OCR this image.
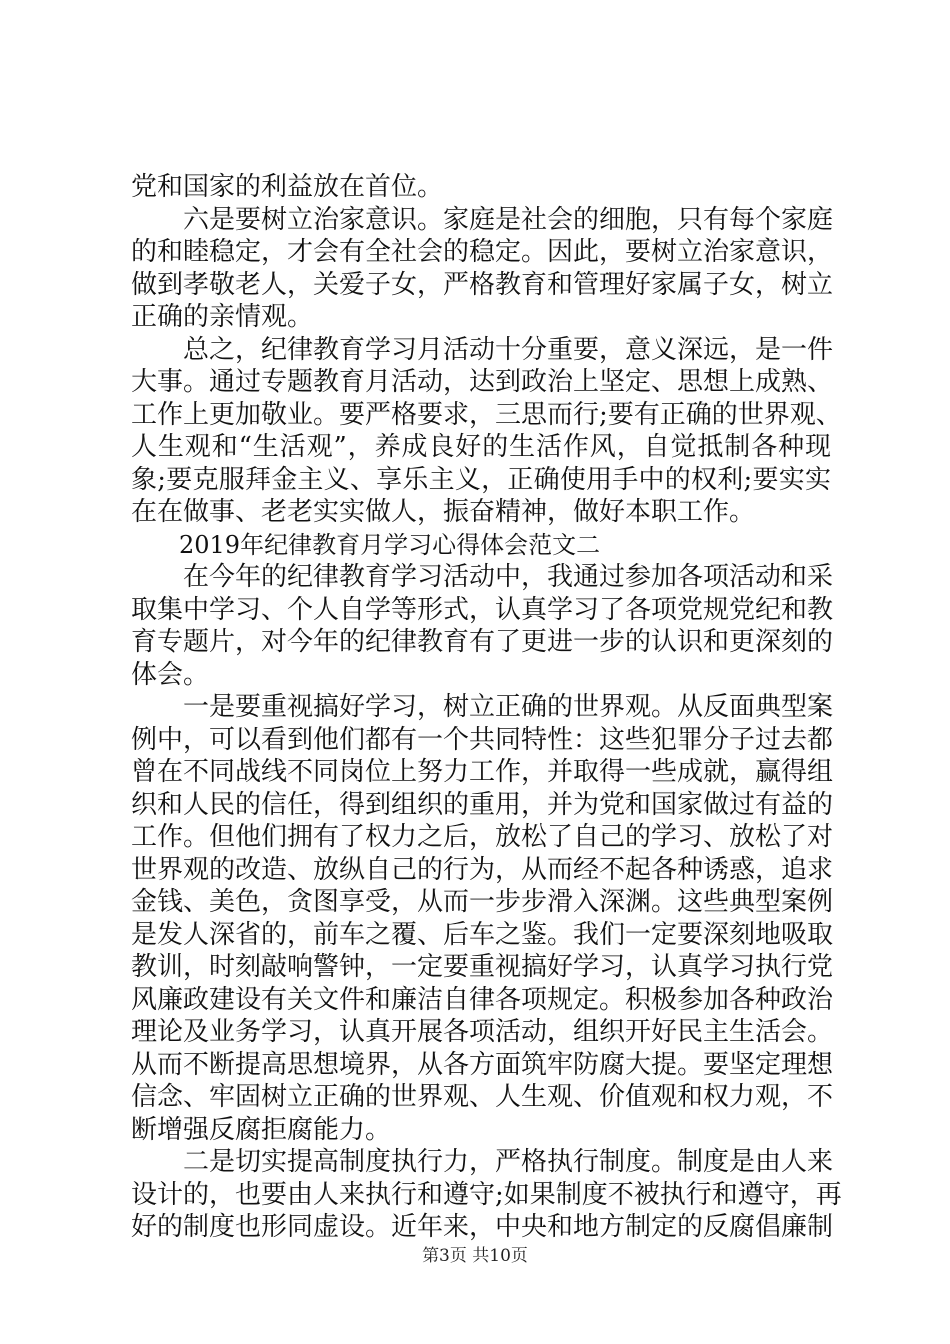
党和国家的利益放在首位。
六是要树立治家意识。家庭是社会的细胞，只有每个家庭
的和睦稳定，才会有全社会的稳定。因此，要树立治家意识，
做到孝敬老人，关爱子女，严格教育和管理好家属子女，树立
正确的亲情观。
总之，纪律教育学习月活动十分重要，意义深远，是一件
大事。通过专题教育月活动，达到政治上坚定、思想上成熟、
工作上更加敬业。要严格要求，三思而行;要有正确的世界观、
人生观和“生活观”，养成良好的生活作风，自觉抵制各种现
象;要克服拜金主义、享乐主义，正确使用手中的权利;要实实
在在做事、老老实实做人，振奋精神，做好本职工作。
2019年纪律教育月学习心得体会范文二
在今年的纪律教育学习活动中，我通过参加各项活动和采
取集中学习、个人自学等形式，认真学习了各项党规党纪和教
育专题片，对今年的纪律教育有了更进一步的认识和更深刻的
体会。
一是要重视搞好学习，树立正确的世界观。从反面典型案
例中，可以看到他们都有一个共同特性：这些犯罪分子过去都
曾在不同战线不同岗位上努力工作，并取得一些成就，赢得组
织和人民的信任，得到组织的重用，并为党和国家做过有益的
工作。但他们拥有了权力之后，放松了自己的学习、放松了对
世界观的改造、放纵自己的行为，从而经不起各种诱惑，追求
金钱、美色，贪图享受，从而一步步滑入深渊。这些典型案例
是发人深省的，前车之覆、后车之鉴。我们一定要深刻地吸取
教训，时刻敲响警钟，一定要重视搞好学习，认真学习执行党
风廉政建设有关文件和廉洁自律各项规定。积极参加各种政治
理论及业务学习，认真开展各项活动，组织开好民主生活会。
从而不断提高思想境界，从各方面筑牢防腐大提。要坚定理想
信念、牢固树立正确的世界观、人生观、价值观和权力观，不
断增强反腐拒腐能力。
二是切实提高制度执行力，严格执行制度。制度是由人来
设计的，也要由人来执行和遵守;如果制度不被执行和遵守，再
好的制度也形同虚设。近年来，中央和地方制定的反腐倡廉制
第3页 共10页
